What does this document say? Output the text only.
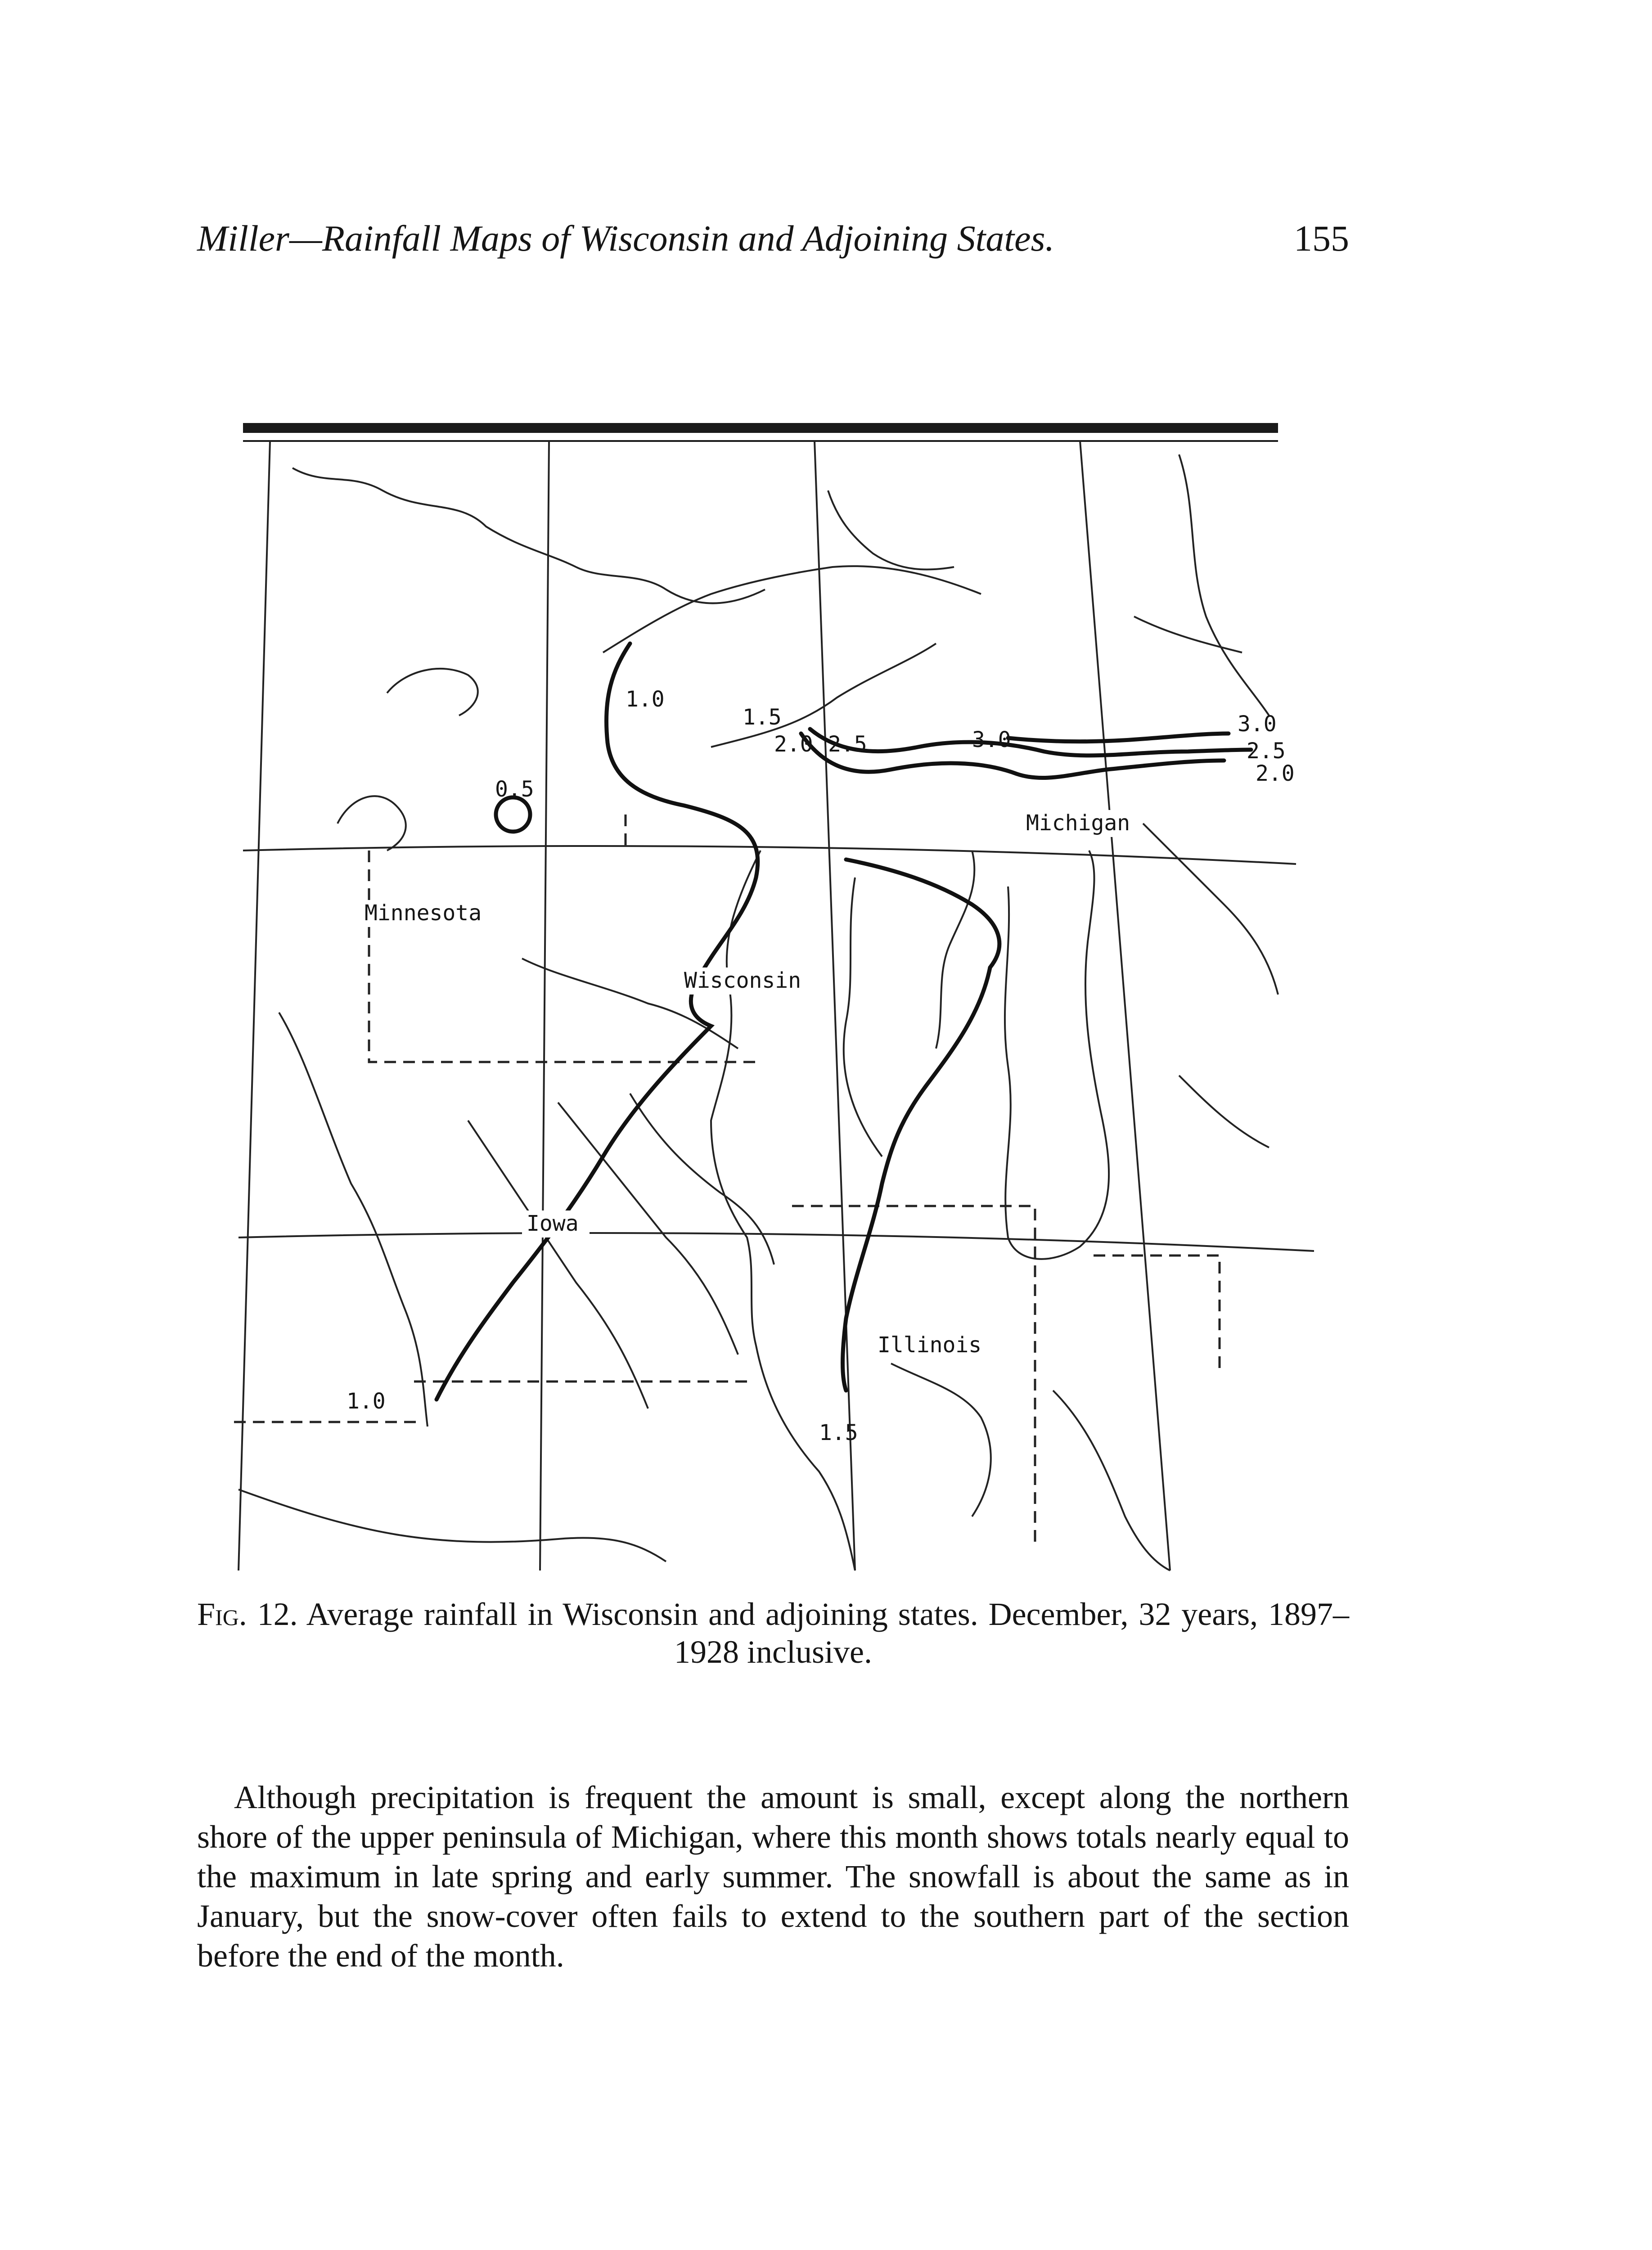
Miller—Rainfall Maps of Wisconsin and Adjoining States.	155
Minnesota
Wisconsin
Michigan
Iowa
Illinois
0.5
1.0
1.5
2.0 2.5	3.0
1.0
1.5
3.0
2.5
2.0
Fig. 12. Average rainfall in Wisconsin and adjoining states. December, 32 years, 1897–1928 inclusive.
Although precipitation is frequent the amount is small, except along the northern shore of the upper peninsula of Michigan, where this month shows totals nearly equal to the maximum in late spring and early summer. The snowfall is about the same as in January, but the snow-cover often fails to extend to the southern part of the section before the end of the month.
